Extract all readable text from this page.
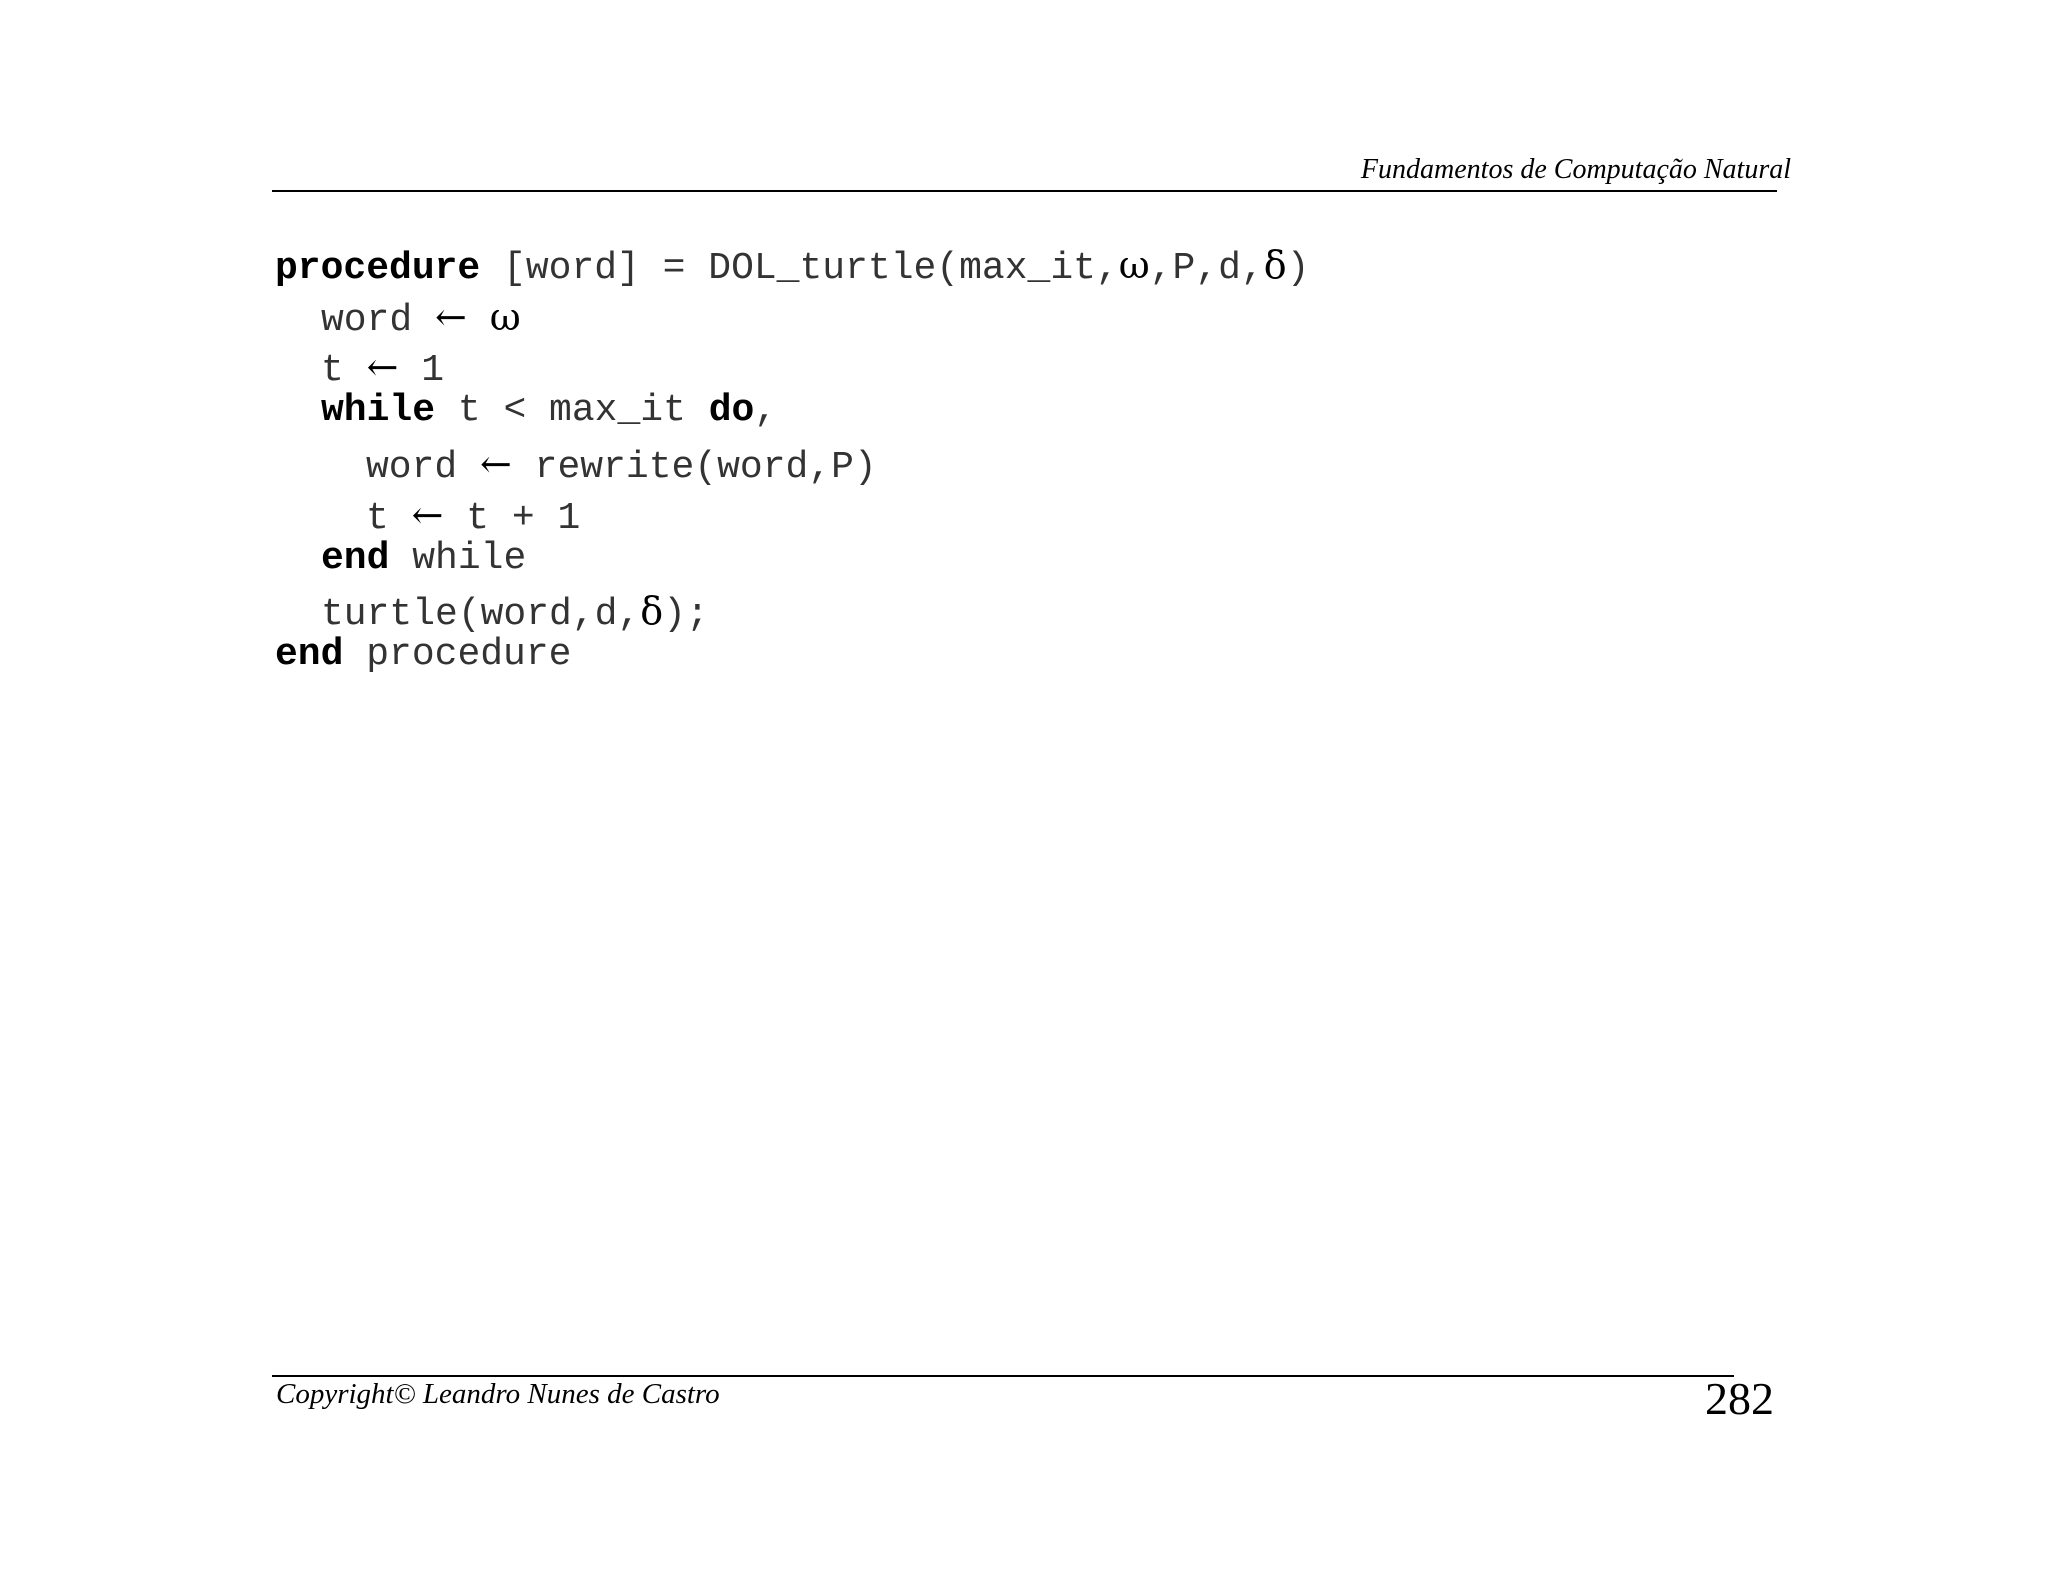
Fundamentos de Computação Natural

procedure [word] = DOL_turtle(max_it,ω,P,d,δ)

word ← ω

t ← 1

while t < max_it do,

word ← rewrite(word,P)

t ← t + 1

end while

turtle(word,d,δ);

end procedure

Copyright© Leandro Nunes de Castro	282
